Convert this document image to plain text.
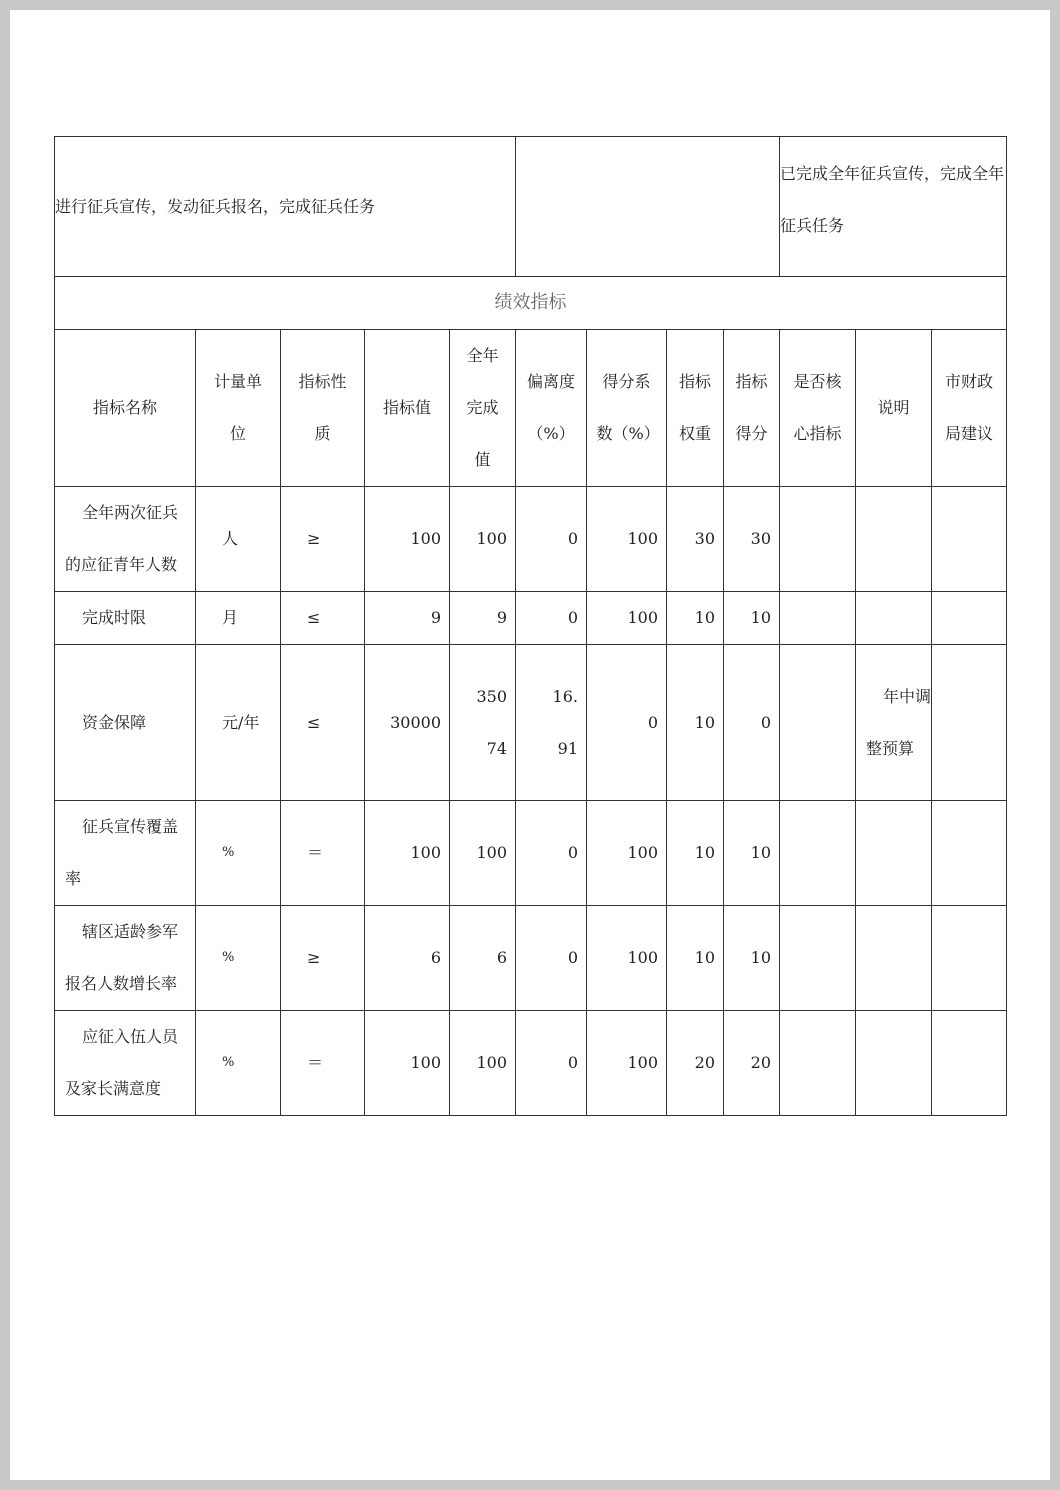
进行征兵宣传，发动征兵报名，完成征兵任务									已完成全年征兵宣传，完成全年征兵任务		

绩效指标											
指标名称	计量单位	指标性质	指标值	全年完成值	偏离度（%）	得分系数（%）	指标权重	指标得分	是否核心指标	说明	市财政局建议

全年两次征兵的应征青年人数	人	≥	100	100	0	100	30	30			

完成时限	月	≤	9	9	0	100	10	10			

资金保障	元/年	≤	30000	35074	16.91	0	10	0		年中调整预算	

征兵宣传覆盖率	%	＝	100	100	0	100	10	10			

辖区适龄参军报名人数增长率	%	≥	6	6	0	100	10	10			

应征入伍人员及家长满意度	%	＝	100	100	0	100	20	20			
